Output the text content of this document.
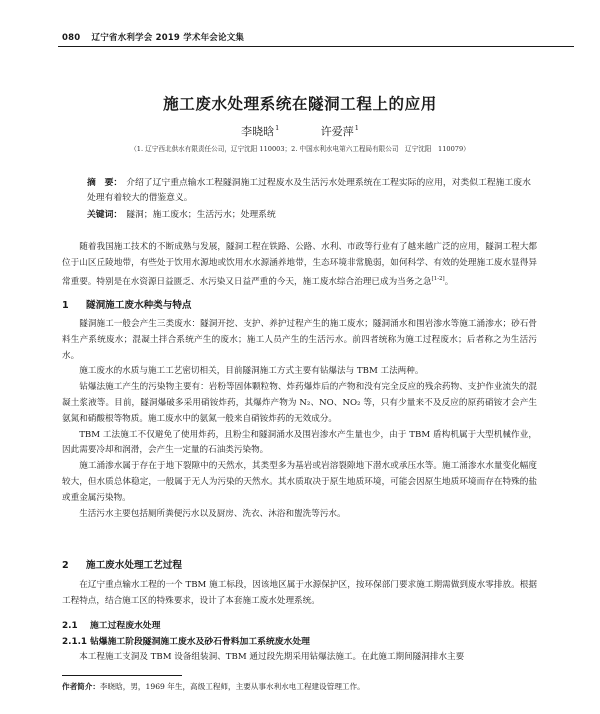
080 辽宁省水利学会 2019 学术年会论文集
施工废水处理系统在隧洞工程上的应用
李晓晗$^1$	许爱萍$^1$
（1. 辽宁西北供水有限责任公司，辽宁沈阳 110003；2. 中国水利水电第六工程局有限公司　辽宁沈阳　110079）
摘　要： 介绍了辽宁重点输水工程隧洞施工过程废水及生活污水处理系统在工程实际的应用，对类似工程施工废水处理有着较大的借鉴意义。
关键词： 隧洞；施工废水；生活污水；处理系统

随着我国施工技术的不断成熟与发展，隧洞工程在铁路、公路、水利、市政等行业有了越来越广泛的应用，隧洞工程大都位于山区丘陵地带，有些处于饮用水源地或饮用水水源涵养地带，生态环境非常脆弱，如何科学、有效的处理施工废水显得异常重要。特别是在水资源日益匮乏、水污染又日益严重的今天，施工废水综合治理已成为当务之急[1-2]。

1 隧洞施工废水种类与特点

隧洞施工一般会产生三类废水：隧洞开挖、支护、养护过程产生的施工废水；隧洞涌水和围岩渗水等施工涌渗水；砂石骨料生产系统废水；混凝土拌合系统产生的废水；施工人员产生的生活污水。前四者统称为施工过程废水；后者称之为生活污水。

施工废水的水质与施工工艺密切相关，目前隧洞施工方式主要有钻爆法与 TBM 工法两种。

钻爆法施工产生的污染物主要有：岩粉等固体颗粒物、炸药爆炸后的产物和没有完全反应的残余药物、支护作业流失的混凝土浆液等。目前，隧洞爆破多采用硝铵炸药，其爆炸产物为 N₂、NO、NO₂ 等，只有少量来不及反应的原药硝铵才会产生氨氮和硝酸根等物质。施工废水中的氨氮一般来自硝铵炸药的无效成分。

TBM 工法施工不仅避免了使用炸药，且粉尘和隧洞涌水及围岩渗水产生量也少，由于 TBM 盾构机属于大型机械作业，因此需要冷却和润滑，会产生一定量的石油类污染物。

施工涌渗水属于存在于地下裂隙中的天然水，其类型多为基岩或岩溶裂隙地下潜水或承压水等。施工涌渗水水量变化幅度较大，但水质总体稳定，一般属于无人为污染的天然水。其水质取决于原生地质环境，可能会因原生地质环境而存在特殊的盐或重金属污染物。

生活污水主要包括厕所粪便污水以及厨房、洗衣、沐浴和盥洗等污水。

2 施工废水处理工艺过程

在辽宁重点输水工程的一个 TBM 施工标段，因该地区属于水源保护区，按环保部门要求施工期需做到废水零排放。根据工程特点，结合施工区的特殊要求，设计了本套施工废水处理系统。

2.1 施工过程废水处理
2.1.1 钻爆施工阶段隧洞施工废水及砂石骨料加工系统废水处理
本工程施工支洞及 TBM 设备组装洞、TBM 通过段先期采用钻爆法施工。在此施工期间隧洞排水主要
作者简介：李晓晗，男，1969 年生，高级工程师，主要从事水利水电工程建设管理工作。
